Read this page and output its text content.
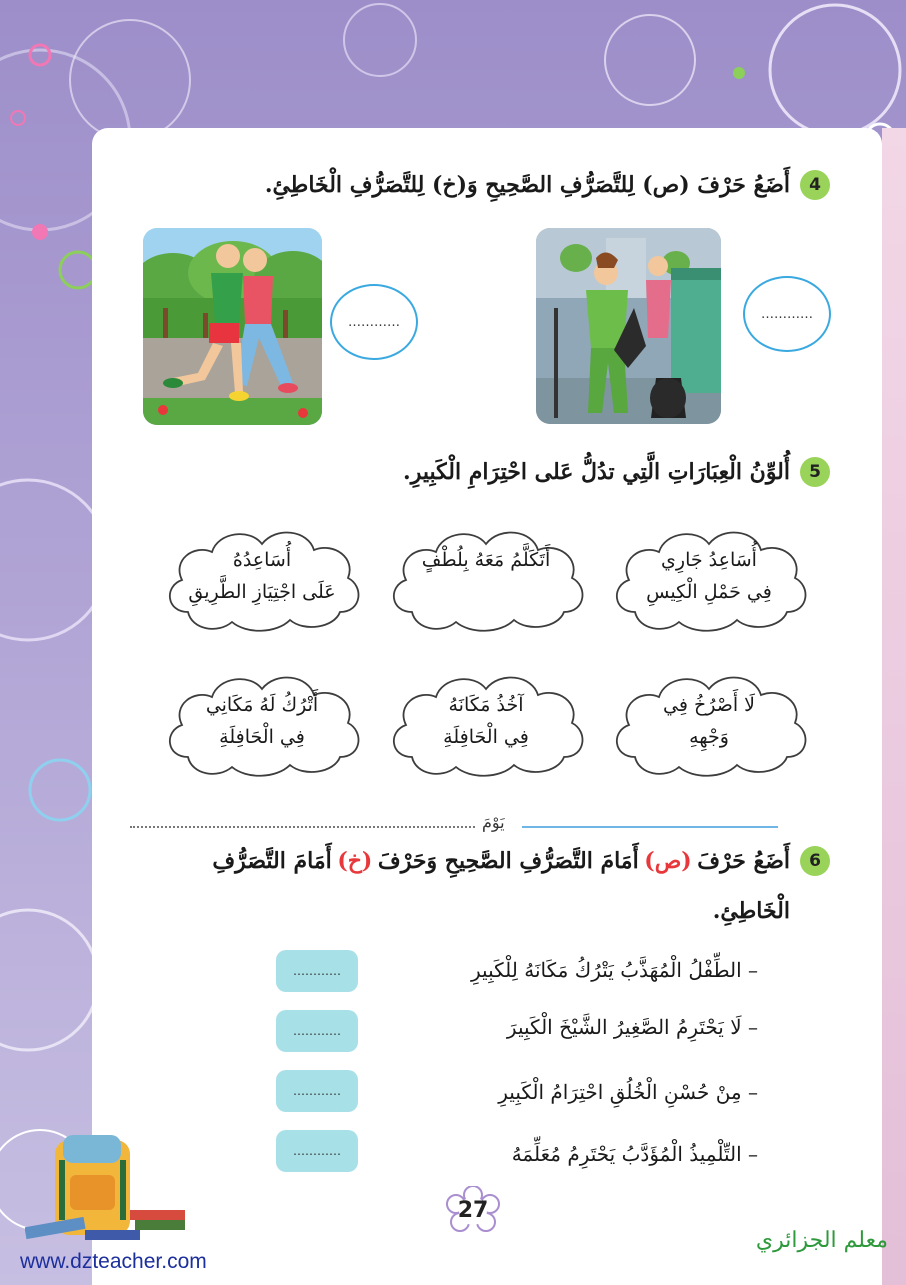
4أَضَعُ حَرْفَ (ص) لِلتَّصَرُّفِ الصَّحِيحِ وَ(خ) لِلتَّصَرُّفِ الْخَاطِئِ.
…………
…………
5أُلوِّنُ الْعِبَارَاتِ الَّتِي تدُلُّ عَلى احْتِرَامِ الْكَبِيرِ.
أُسَاعِدُ جَارِي
فِي حَمْلِ الْكِيسِ
أَتَكَلَّمُ مَعَهُ بِلُطْفٍ
أُسَاعِدُهُ
عَلَى اجْتِيَازِ الطَّرِيقِ
لَا أَصْرُخُ فِي
وَجْهِهِ
آخُذُ مَكَانَهُ
فِي الْحَافِلَةِ
أَتْرُكُ لَهُ مَكَانِي
فِي الْحَافِلَةِ
يَوْمَ
6أَضَعُ حَرْفَ (ص) أَمَامَ التَّصَرُّفِ الصَّحِيحِ وَحَرْفَ (خ) أَمَامَ التَّصَرُّفِ
الْخَاطِئِ.
– الطِّفْلُ الْمُهَذَّبُ يَتْرُكُ مَكَانَهُ لِلْكَبِيرِ
…………
– لَا يَحْتَرِمُ الصَّغِيرُ الشَّيْخَ الْكَبِيرَ
…………
– مِنْ حُسْنِ الْخُلُقِ احْتِرَامُ الْكَبِيرِ
…………
– التِّلْمِيذُ الْمُؤَدَّبُ يَحْتَرِمُ مُعَلِّمَهُ
…………
27
www.dzteacher.com
معلم الجزائري
